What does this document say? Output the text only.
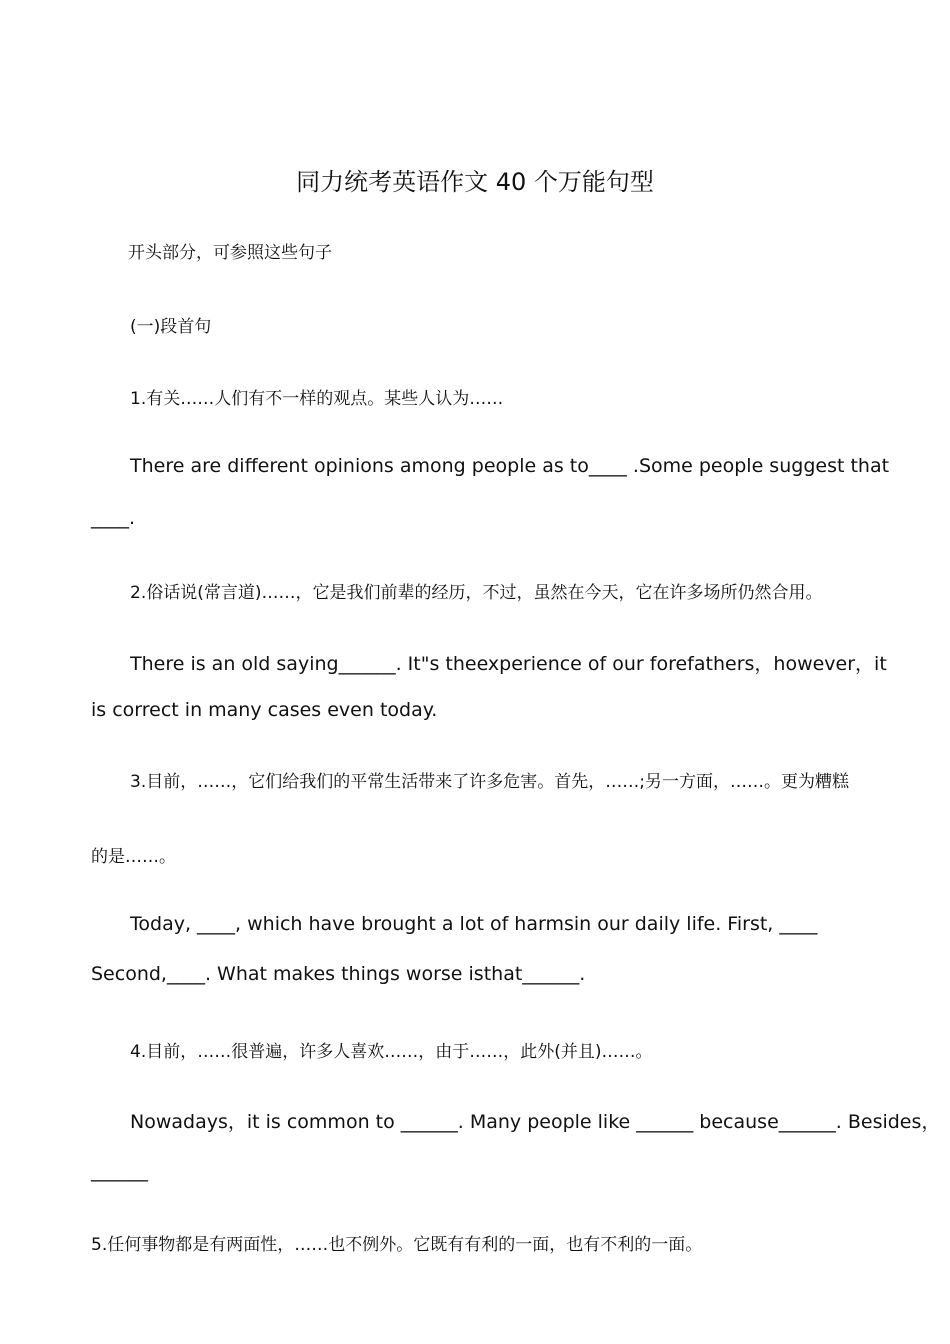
同力统考英语作文 40 个万能句型

开头部分，可参照这些句子

(一)段首句

1.有关……人们有不一样的观点。某些人认为……

There are different opinions among people as to____ .Some people suggest that

____.

2.俗话说(常言道)……，它是我们前辈的经历，不过，虽然在今天，它在许多场所仍然合用。

There is an old saying______. It"s theexperience of our forefathers，however，it

is correct in many cases even today.

3.目前，……，它们给我们的平常生活带来了许多危害。首先，……;另一方面，……。更为糟糕

的是……。

Today, ____, which have brought a lot of harmsin our daily life. First, ____

Second,____. What makes things worse isthat______.

4.目前，……很普遍，许多人喜欢……，由于……，此外(并且)……。

Nowadays，it is common to ______. Many people like ______ because______. Besides，

______

5.任何事物都是有两面性，……也不例外。它既有有利的一面，也有不利的一面。
